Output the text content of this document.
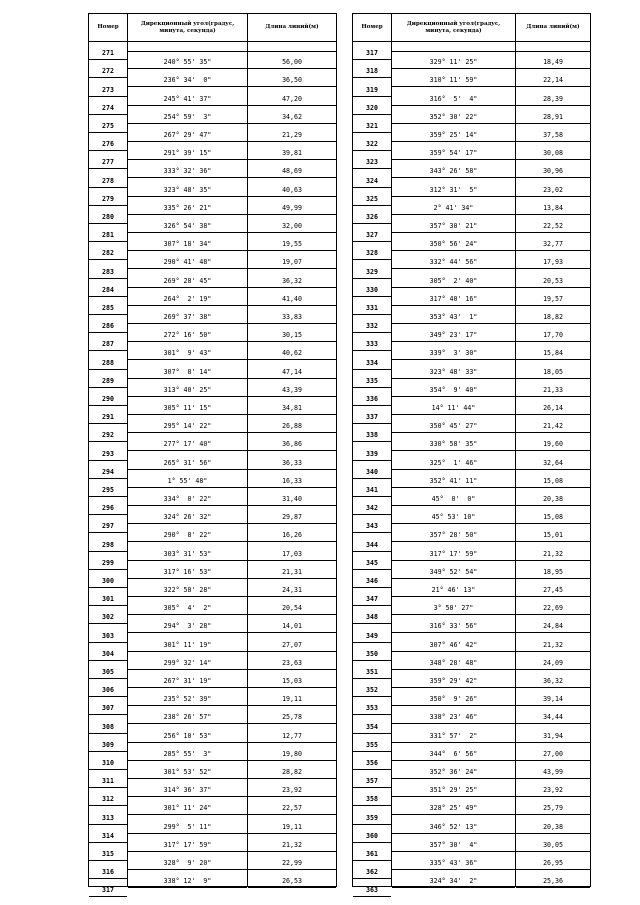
Номер
Дирекционный угол(градус, минута, секунда)
Длина линий(м)
271
272
273
274
275
276
277
278
279
280
281
282
283
284
285
286
287
288
289
290
291
292
293
294
295
296
297
298
299
300
301
302
303
304
305
306
307
308
309
310
311
312
313
314
315
316
317
240° 55' 35"
236° 34'  0"
245° 41' 37"
254° 59'  3"
267° 29' 47"
291° 39' 15"
333° 32' 36"
323° 48' 35"
335° 26' 21"
326° 54' 38"
307° 18' 34"
290° 41' 48"
269° 28' 45"
264°  2' 19"
269° 37' 38"
272° 16' 50"
301°  9' 43"
307°  8' 14"
313° 40' 25"
305° 11' 15"
295° 14' 22"
277° 17' 40"
265° 31' 56"
1° 55' 48"
334°  0' 22"
324° 26' 32"
290°  8' 22"
303° 31' 53"
317° 16' 53"
322° 58' 28"
305°  4'  2"
294°  3' 28"
301° 11' 19"
299° 32' 14"
267° 31' 19"
235° 52' 39"
238° 26' 57"
256° 10' 53"
285° 55'  3"
301° 53' 52"
314° 36' 37"
301° 11' 24"
299°  5' 11"
317° 17' 59"
328°  9' 20"
338° 12'  9"
56,00
36,50
47,20
34,62
21,29
39,81
48,69
40,63
49,99
32,00
19,55
19,07
36,32
41,40
33,83
30,15
40,62
47,14
43,39
34,81
26,88
36,86
36,33
16,33
31,40
29,87
16,26
17,03
21,31
24,31
20,54
14,01
27,07
23,63
15,03
19,11
25,78
12,77
19,80
28,82
23,92
22,57
19,11
21,32
22,99
26,53
Номер
Дирекционный угол(градус, минута, секунда)
Длина линий(м)
317
318
319
320
321
322
323
324
325
326
327
328
329
330
331
332
333
334
335
336
337
338
339
340
341
342
343
344
345
346
347
348
349
350
351
352
353
354
355
356
357
358
359
360
361
362
363
329° 11' 25"
310° 11' 59"
316°  5'  4"
352° 30' 22"
359° 25' 14"
359° 54' 17"
343° 26' 58"
312° 31'  5"
2° 41' 34"
357° 30' 21"
350° 56' 24"
332° 44' 56"
305°  2' 40"
317° 40' 16"
353° 43'  1"
349° 23' 17"
339°  3' 30"
323° 48' 33"
354°  9' 40"
14° 11' 44"
350° 45' 27"
330° 58' 35"
325°  1' 46"
352° 41' 11"
45°  0'  0"
45° 53' 10"
357° 28' 50"
317° 17' 59"
349° 52' 54"
21° 46' 13"
3° 50' 27"
316° 33' 56"
307° 46' 42"
348° 28' 48"
359° 29' 42"
350°  9' 26"
338° 23' 46"
331° 57'  2"
344°  6' 56"
352° 36' 24"
351° 29' 25"
328° 25' 49"
346° 52' 13"
357° 30'  4"
335° 43' 36"
324° 34'  2"
18,49
22,14
28,39
28,91
37,58
30,08
30,96
23,02
13,84
22,52
32,77
17,93
20,53
19,57
18,82
17,70
15,84
18,05
21,33
26,14
21,42
19,60
32,64
15,08
20,38
15,08
15,01
21,32
18,95
27,45
22,69
24,84
21,32
24,09
36,32
39,14
34,44
31,94
27,00
43,99
23,92
25,79
20,38
30,05
26,95
25,36
